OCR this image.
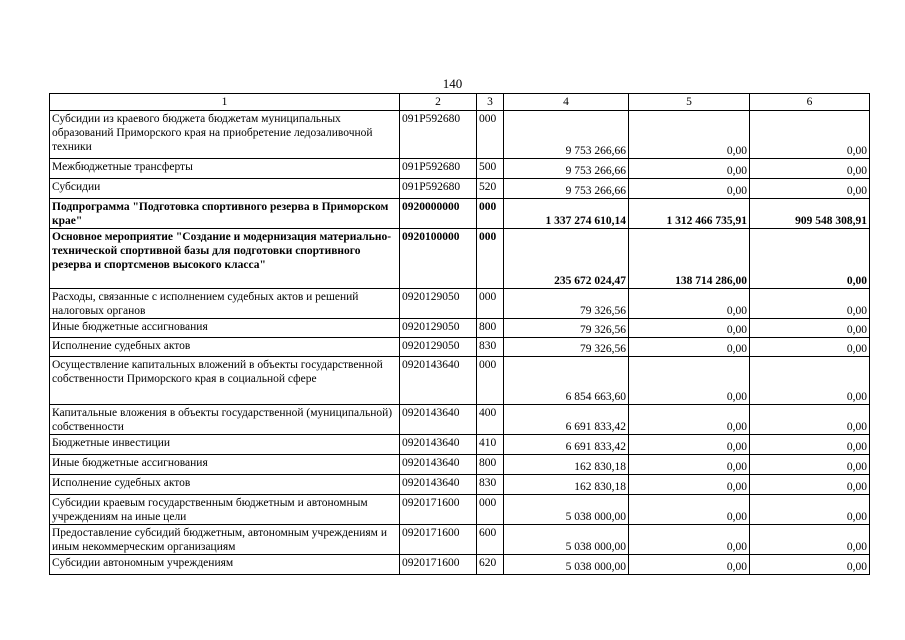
140
1	2	3	4	5	6
Субсидии из краевого бюджета бюджетам муниципальных образований Приморского края на приобретение ледозаливочной техники	091P592680	000	9 753 266,66	0,00	0,00
Межбюджетные трансферты	091P592680	500	9 753 266,66	0,00	0,00
Субсидии	091P592680	520	9 753 266,66	0,00	0,00
Подпрограмма "Подготовка спортивного резерва в Приморском крае"	0920000000	000	1 337 274 610,14	1 312 466 735,91	909 548 308,91
Основное мероприятие "Создание и модернизация материально-технической спортивной базы для подготовки спортивного резерва и спортсменов высокого класса"	0920100000	000	235 672 024,47	138 714 286,00	0,00
Расходы, связанные с исполнением судебных актов и решений налоговых органов	0920129050	000	79 326,56	0,00	0,00
Иные бюджетные ассигнования	0920129050	800	79 326,56	0,00	0,00
Исполнение судебных актов	0920129050	830	79 326,56	0,00	0,00
Осуществление капитальных вложений в объекты государственной собственности Приморского края в социальной сфере	0920143640	000	6 854 663,60	0,00	0,00
Капитальные вложения в объекты государственной (муниципальной) собственности	0920143640	400	6 691 833,42	0,00	0,00
Бюджетные инвестиции	0920143640	410	6 691 833,42	0,00	0,00
Иные бюджетные ассигнования	0920143640	800	162 830,18	0,00	0,00
Исполнение судебных актов	0920143640	830	162 830,18	0,00	0,00
Субсидии краевым государственным бюджетным и автономным учреждениям на иные цели	0920171600	000	5 038 000,00	0,00	0,00
Предоставление субсидий бюджетным, автономным учреждениям и иным некоммерческим организациям	0920171600	600	5 038 000,00	0,00	0,00
Субсидии автономным учреждениям	0920171600	620	5 038 000,00	0,00	0,00
